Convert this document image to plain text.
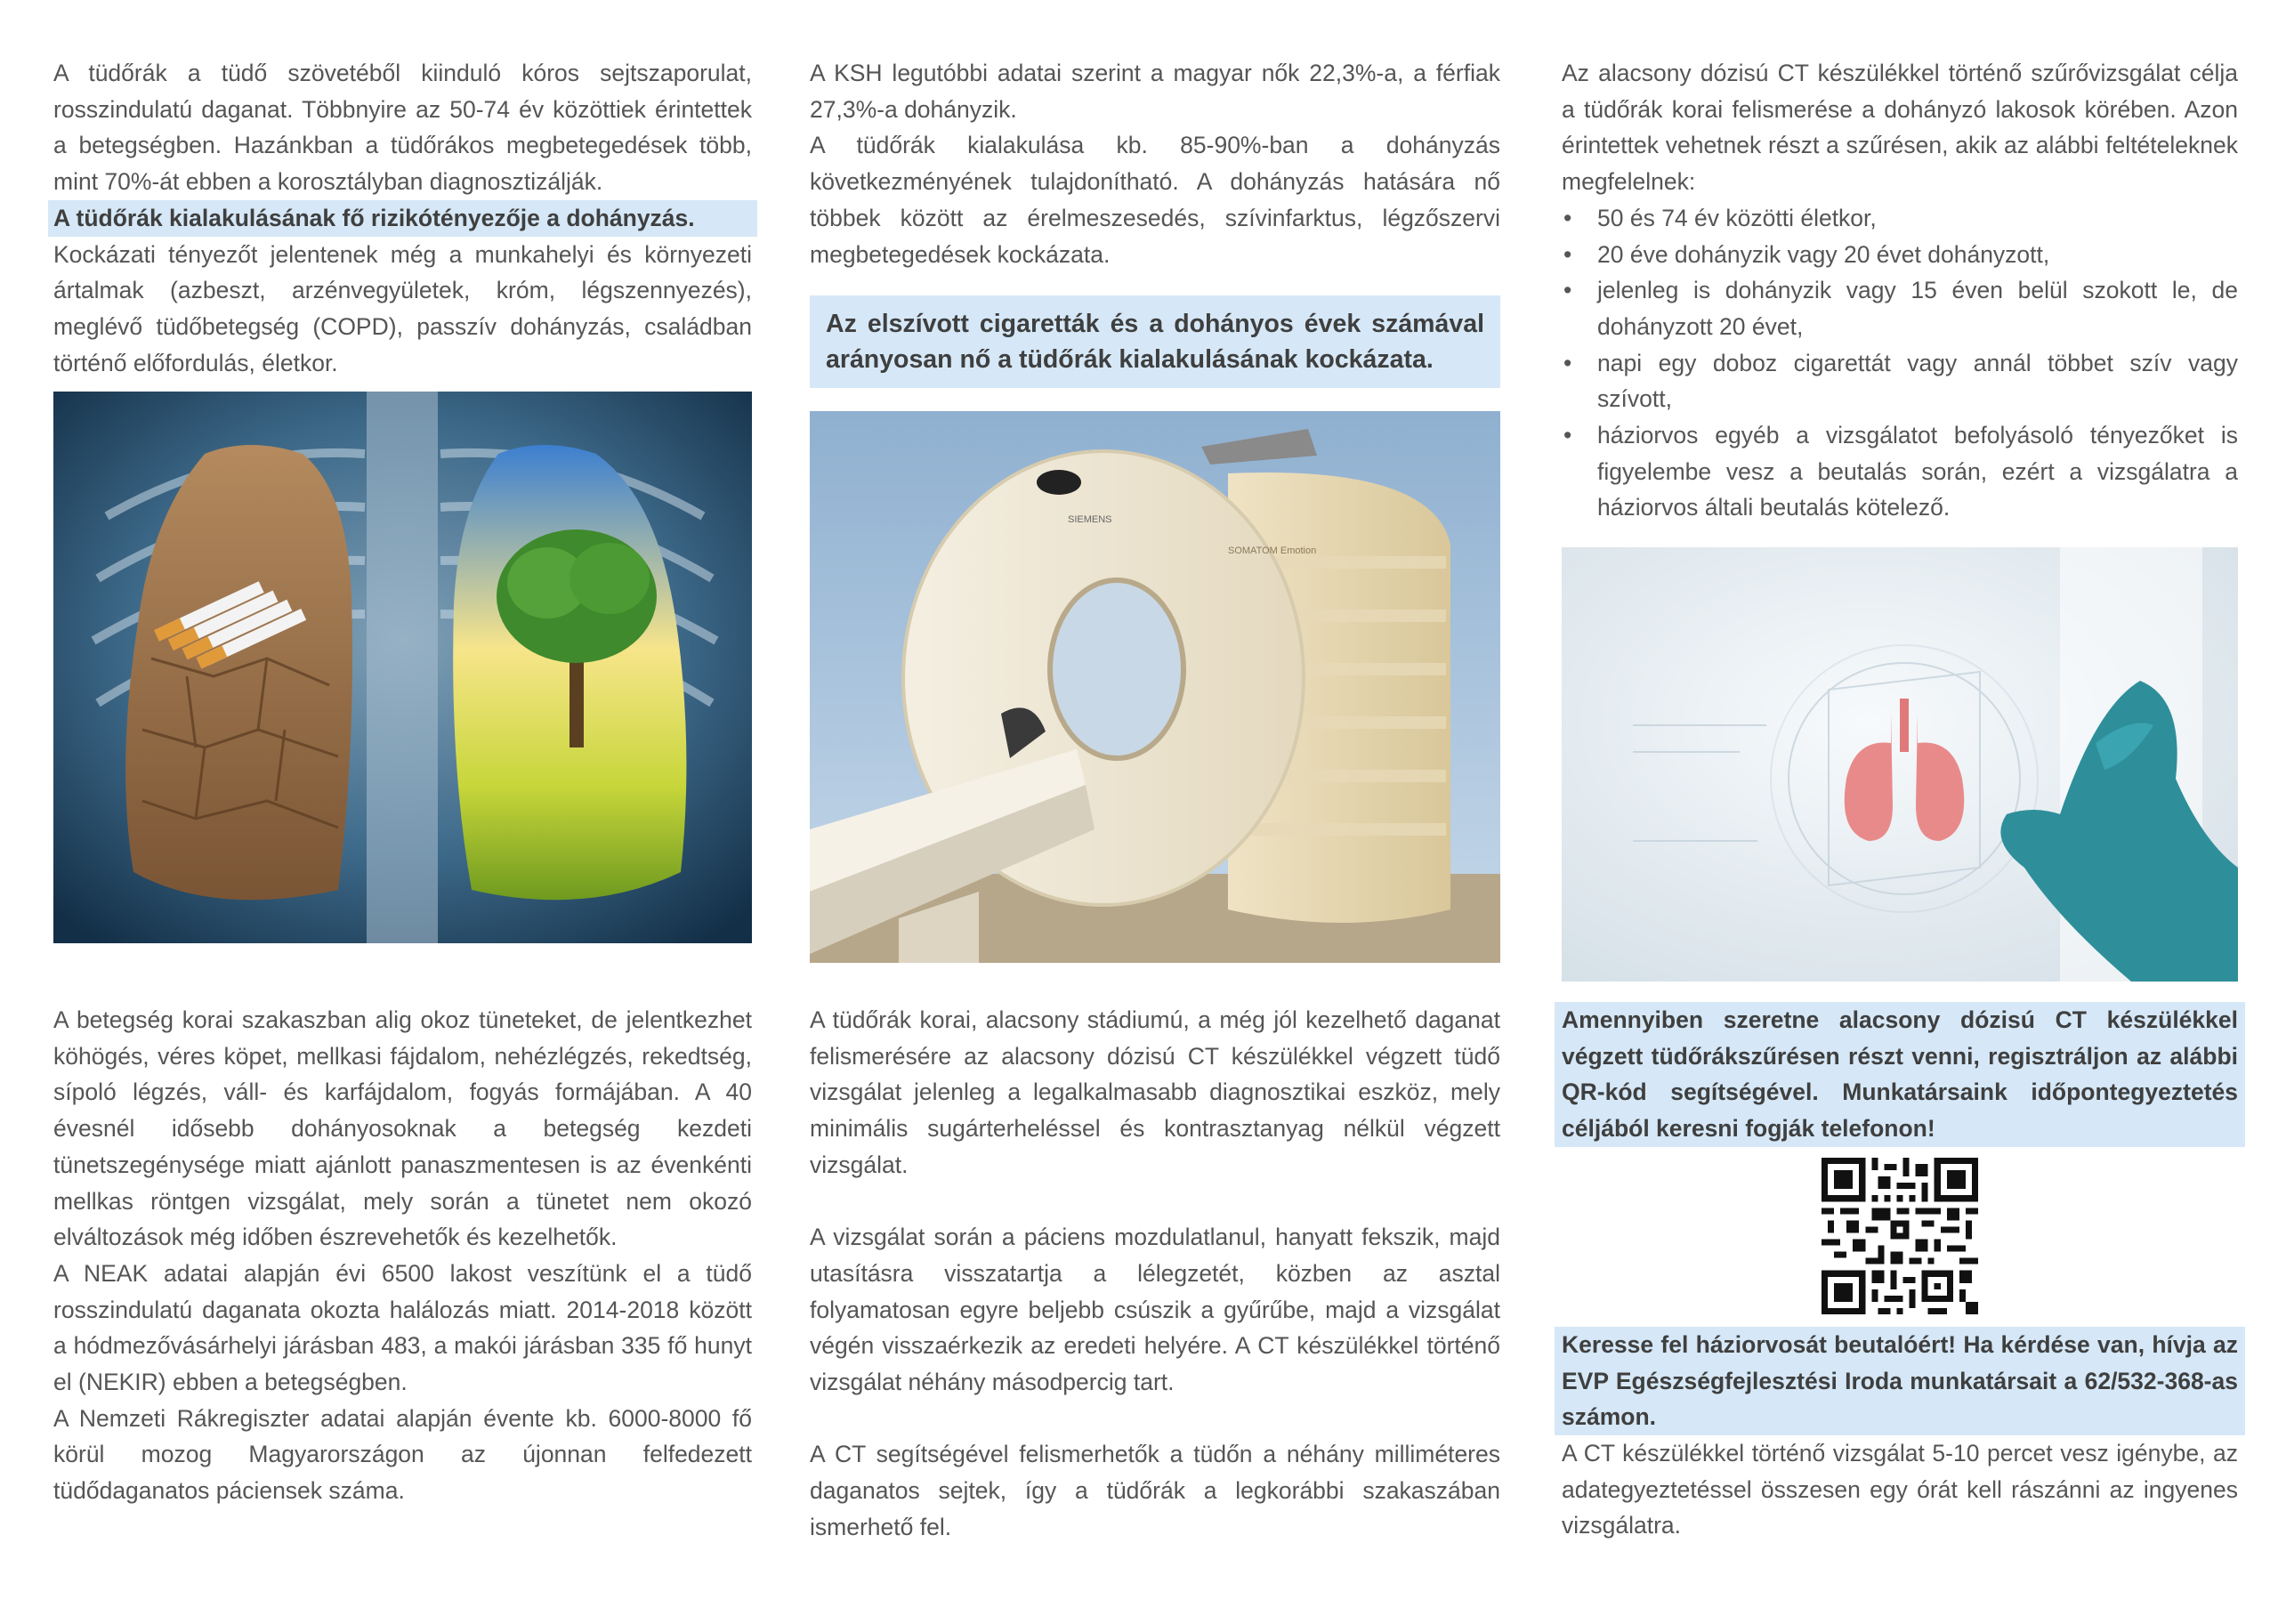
A tüdőrák a tüdő szövetéből kiinduló kóros sejtszaporulat, rosszindulatú daganat. Többnyire az 50-74 év közöttiek érintettek a betegségben. Hazánkban a tüdőrákos megbetegedések több, mint 70%-át ebben a korosztályban diagnosztizálják.

A tüdőrák kialakulásának fő rizikótényezője a dohányzás.

Kockázati tényezőt jelentenek még a munkahelyi és környezeti ártalmak (azbeszt, arzénvegyületek, króm, légszennyezés), meglévő tüdőbetegség (COPD), passzív dohányzás, családban történő előfordulás, életkor.

A betegség korai szakaszban alig okoz tüneteket, de jelentkezhet köhögés, véres köpet, mellkasi fájdalom, nehézlégzés, rekedtség, sípoló légzés, váll- és karfájdalom, fogyás formájában. A 40 évesnél idősebb dohányosoknak a betegség kezdeti tünetszegénysége miatt ajánlott panaszmentesen is az évenkénti mellkas röntgen vizsgálat, mely során a tünetet nem okozó elváltozások még időben észrevehetők és kezelhetők.

A NEAK adatai alapján évi 6500 lakost veszítünk el a tüdő rosszindulatú daganata okozta halálozás miatt. 2014-2018 között a hódmezővásárhelyi járásban 483, a makói járásban 335 fő hunyt el (NEKIR) ebben a betegségben.

A Nemzeti Rákregiszter adatai alapján évente kb. 6000-8000 fő körül mozog Magyarországon az újonnan felfedezett tüdődaganatos páciensek száma.

A KSH legutóbbi adatai szerint a magyar nők 22,3%-a, a férfiak 27,3%-a dohányzik.

A tüdőrák kialakulása kb. 85-90%-ban a dohányzás következményének tulajdonítható. A dohányzás hatására nő többek között az érelmeszesedés, szívinfarktus, légzőszervi megbetegedések kockázata.

Az elszívott cigaretták és a dohányos évek számával arányosan nő a tüdőrák kialakulásának kockázata.

SIEMENS
SOMATOM Emotion

A tüdőrák korai, alacsony stádiumú, a még jól kezelhető daganat felismerésére az alacsony dózisú CT készülékkel végzett tüdő vizsgálat jelenleg a legalkalmasabb diagnosztikai eszköz, mely minimális sugárterheléssel és kontrasztanyag nélkül végzett vizsgálat.

A vizsgálat során a páciens mozdulatlanul, hanyatt fekszik, majd utasításra visszatartja a lélegzetét, közben az asztal folyamatosan egyre beljebb csúszik a gyűrűbe, majd a vizsgálat végén visszaérkezik az eredeti helyére. A CT készülékkel történő vizsgálat néhány másodpercig tart.

A CT segítségével felismerhetők a tüdőn a néhány milliméteres daganatos sejtek, így a tüdőrák a legkorábbi szakaszában ismerhető fel.

Az alacsony dózisú CT készülékkel történő szűrővizsgálat célja a tüdőrák korai felismerése a dohányzó lakosok körében. Azon érintettek vehetnek részt a szűrésen, akik az alábbi feltételeknek megfelelnek:

• 50 és 74 év közötti életkor,
• 20 éve dohányzik vagy 20 évet dohányzott,
• jelenleg is dohányzik vagy 15 éven belül szokott le, de dohányzott 20 évet,
• napi egy doboz cigarettát vagy annál többet szív vagy szívott,
• háziorvos egyéb a vizsgálatot befolyásoló tényezőket is figyelembe vesz a beutalás során, ezért a vizsgálatra a háziorvos általi beutalás kötelező.

Amennyiben szeretne alacsony dózisú CT készülékkel végzett tüdőrákszűrésen részt venni, regisztráljon az alábbi QR-kód segítségével. Munkatársaink időpontegyeztetés céljából keresni fogják telefonon!

Keresse fel háziorvosát beutalóért! Ha kérdése van, hívja az EVP Egészségfejlesztési Iroda munkatársait a 62/532-368-as számon.

A CT készülékkel történő vizsgálat 5-10 percet vesz igénybe, az adategyeztetéssel összesen egy órát kell rászánni az ingyenes vizsgálatra.
